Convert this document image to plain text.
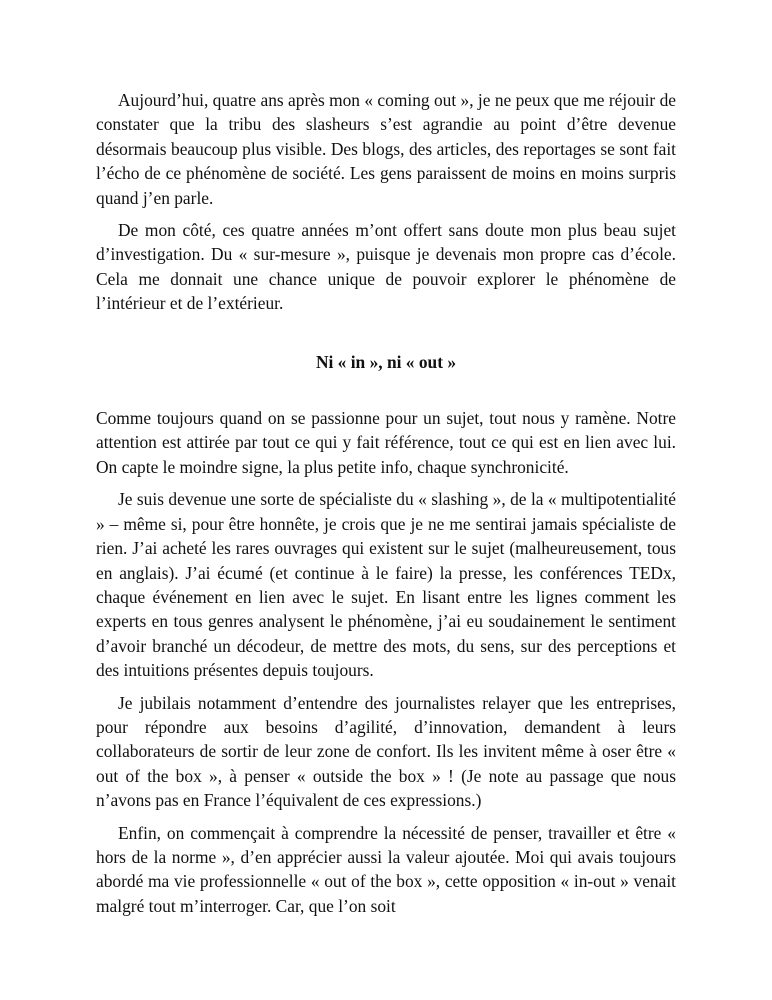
Aujourd’hui, quatre ans après mon « coming out », je ne peux que me réjouir de constater que la tribu des slasheurs s’est agrandie au point d’être devenue désormais beaucoup plus visible. Des blogs, des articles, des reportages se sont fait l’écho de ce phénomène de société. Les gens paraissent de moins en moins surpris quand j’en parle.

De mon côté, ces quatre années m’ont offert sans doute mon plus beau sujet d’investigation. Du « sur-mesure », puisque je devenais mon propre cas d’école. Cela me donnait une chance unique de pouvoir explorer le phénomène de l’intérieur et de l’extérieur.

Ni « in », ni « out »

Comme toujours quand on se passionne pour un sujet, tout nous y ramène. Notre attention est attirée par tout ce qui y fait référence, tout ce qui est en lien avec lui. On capte le moindre signe, la plus petite info, chaque synchronicité.

Je suis devenue une sorte de spécialiste du « slashing », de la « multipotentialité » – même si, pour être honnête, je crois que je ne me sentirai jamais spécialiste de rien. J’ai acheté les rares ouvrages qui existent sur le sujet (malheureusement, tous en anglais). J’ai écumé (et continue à le faire) la presse, les conférences TEDx, chaque événement en lien avec le sujet. En lisant entre les lignes comment les experts en tous genres analysent le phénomène, j’ai eu soudainement le sentiment d’avoir branché un décodeur, de mettre des mots, du sens, sur des perceptions et des intuitions présentes depuis toujours.

Je jubilais notamment d’entendre des journalistes relayer que les entreprises, pour répondre aux besoins d’agilité, d’innovation, demandent à leurs collaborateurs de sortir de leur zone de confort. Ils les invitent même à oser être « out of the box », à penser « outside the box » ! (Je note au passage que nous n’avons pas en France l’équivalent de ces expressions.)

Enfin, on commençait à comprendre la nécessité de penser, travailler et être « hors de la norme », d’en apprécier aussi la valeur ajoutée. Moi qui avais toujours abordé ma vie professionnelle « out of the box », cette opposition « in-out » venait malgré tout m’interroger. Car, que l’on soit
